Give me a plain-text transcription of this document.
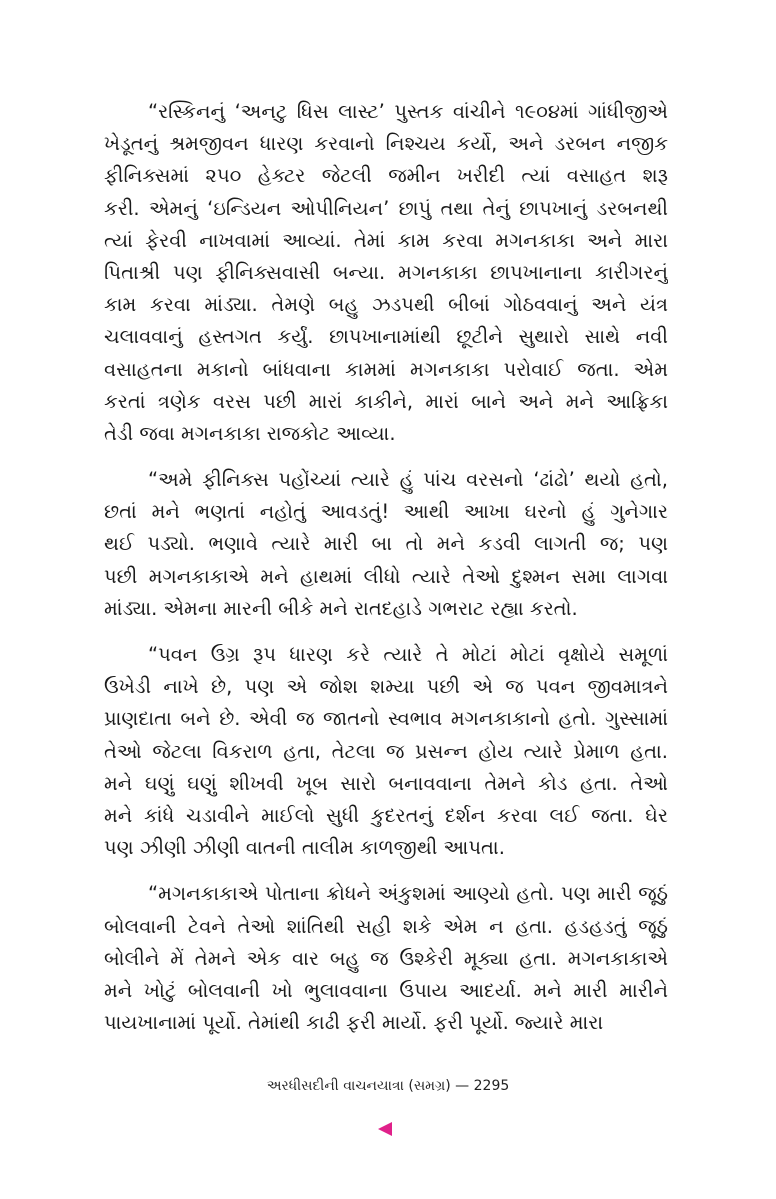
“રસ્કિનનું ‘અનટુ ધિસ લાસ્ટ’ પુસ્તક વાંચીને ૧૯૦૪માં ગાંધીજીએ
ખેડૂતનું શ્રમજીવન ધારણ કરવાનો નિશ્ચય કર્યો, અને ડરબન નજીક
ફીનિક્સમાં ૨૫૦ હેક્ટર જેટલી જમીન ખરીદી ત્યાં વસાહત શરૂ
કરી. એમનું ‘ઇન્ડિયન ઓપીનિયન’ છાપું તથા તેનું છાપખાનું ડરબનથી
ત્યાં ફેરવી નાખવામાં આવ્યાં. તેમાં કામ કરવા મગનકાકા અને મારા
પિતાશ્રી પણ ફીનિક્સવાસી બન્યા. મગનકાકા છાપખાનાના કારીગરનું
કામ કરવા માંડ્યા. તેમણે બહુ ઝડપથી બીબાં ગોઠવવાનું અને યંત્ર
ચલાવવાનું હસ્તગત કર્યું. છાપખાનામાંથી છૂટીને સુથારો સાથે નવી
વસાહતના મકાનો બાંધવાના કામમાં મગનકાકા પરોવાઈ જતા. એમ
કરતાં ત્રણેક વરસ પછી મારાં કાકીને, મારાં બાને અને મને આફ્રિકા
તેડી જવા મગનકાકા રાજકોટ આવ્યા.
“અમે ફીનિક્સ પહોંચ્યાં ત્યારે હું પાંચ વરસનો ‘ઢાંઢો’ થયો હતો,
છતાં મને ભણતાં નહોતું આવડતું! આથી આખા ઘરનો હું ગુનેગાર
થઈ પડ્યો. ભણાવે ત્યારે મારી બા તો મને કડવી લાગતી જ; પણ
પછી મગનકાકાએ મને હાથમાં લીધો ત્યારે તેઓ દુશ્મન સમા લાગવા
માંડ્યા. એમના મારની બીકે મને રાતદહાડે ગભરાટ રહ્યા કરતો.
“પવન ઉગ્ર રૂપ ધારણ કરે ત્યારે તે મોટાં મોટાં વૃક્ષોયે સમૂળાં
ઉખેડી નાખે છે, પણ એ જોશ શમ્યા પછી એ જ પવન જીવમાત્રને
પ્રાણદાતા બને છે. એવી જ જાતનો સ્વભાવ મગનકાકાનો હતો. ગુસ્સામાં
તેઓ જેટલા વિકરાળ હતા, તેટલા જ પ્રસન્ન હોય ત્યારે પ્રેમાળ હતા.
મને ઘણું ઘણું શીખવી ખૂબ સારો બનાવવાના તેમને કોડ હતા. તેઓ
મને કાંધે ચડાવીને માઈલો સુધી કુદરતનું દર્શન કરવા લઈ જતા. ઘેર
પણ ઝીણી ઝીણી વાતની તાલીમ કાળજીથી આપતા.
“મગનકાકાએ પોતાના ક્રોધને અંકુશમાં આણ્યો હતો. પણ મારી જૂઠું
બોલવાની ટેવને તેઓ શાંતિથી સહી શકે એમ ન હતા. હડહડતું જૂઠું
બોલીને મેં તેમને એક વાર બહુ જ ઉશ્કેરી મૂક્યા હતા. મગનકાકાએ
મને ખોટું બોલવાની ખો ભુલાવવાના ઉપાય આદર્યા. મને મારી મારીને
પાયખાનામાં પૂર્યો. તેમાંથી કાઢી ફરી માર્યો. ફરી પૂર્યો. જ્યારે મારા
અરધીસદીની વાચનયાત્રા (સમગ્ર) — 2295
